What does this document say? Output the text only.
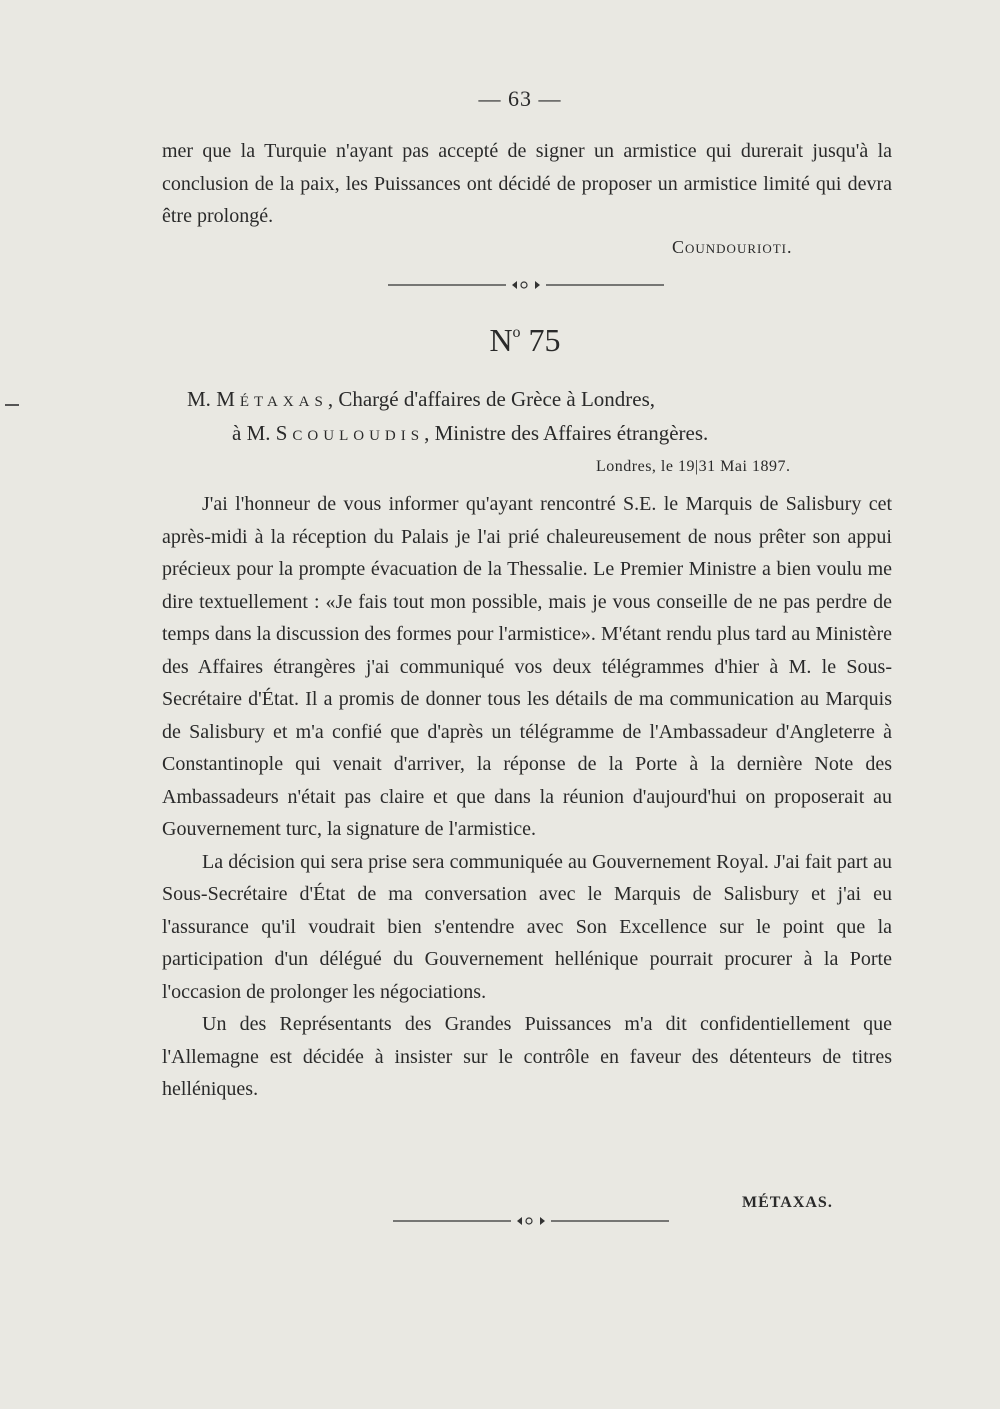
— 63 —

mer que la Turquie n'ayant pas accepté de signer un armistice qui durerait jusqu'à la conclusion de la paix, les Puissances ont décidé de proposer un armistice limité qui devra être prolongé.

Coundourioti.
$N^o$ 75
M. Métaxas, Chargé d'affaires de Grèce à Londres,
à M. Scouloudis, Ministre des Affaires étrangères.
Londres, le 19|31 Mai 1897.

J'ai l'honneur de vous informer qu'ayant rencontré S.E. le Marquis de Salisbury cet après-midi à la réception du Palais je l'ai prié chaleureusement de nous prêter son appui précieux pour la prompte évacuation de la Thessalie. Le Premier Ministre a bien voulu me dire textuellement : «Je fais tout mon possible, mais je vous conseille de ne pas perdre de temps dans la discussion des formes pour l'armistice». M'étant rendu plus tard au Ministère des Affaires étrangères j'ai communiqué vos deux télégrammes d'hier à M. le Sous-Secrétaire d'État. Il a promis de donner tous les détails de ma communication au Marquis de Salisbury et m'a confié que d'après un télégramme de l'Ambassadeur d'Angleterre à Constantinople qui venait d'arriver, la réponse de la Porte à la dernière Note des Ambassadeurs n'était pas claire et que dans la réunion d'aujourd'hui on proposerait au Gouvernement turc, la signature de l'armistice.

La décision qui sera prise sera communiquée au Gouvernement Royal. J'ai fait part au Sous-Secrétaire d'État de ma conversation avec le Marquis de Salisbury et j'ai eu l'assurance qu'il voudrait bien s'entendre avec Son Excellence sur le point que la participation d'un délégué du Gouvernement hellénique pourrait procurer à la Porte l'occasion de prolonger les négociations.

Un des Représentants des Grandes Puissances m'a dit confidentiellement que l'Allemagne est décidée à insister sur le contrôle en faveur des détenteurs de titres helléniques.

MÉTAXAS.
